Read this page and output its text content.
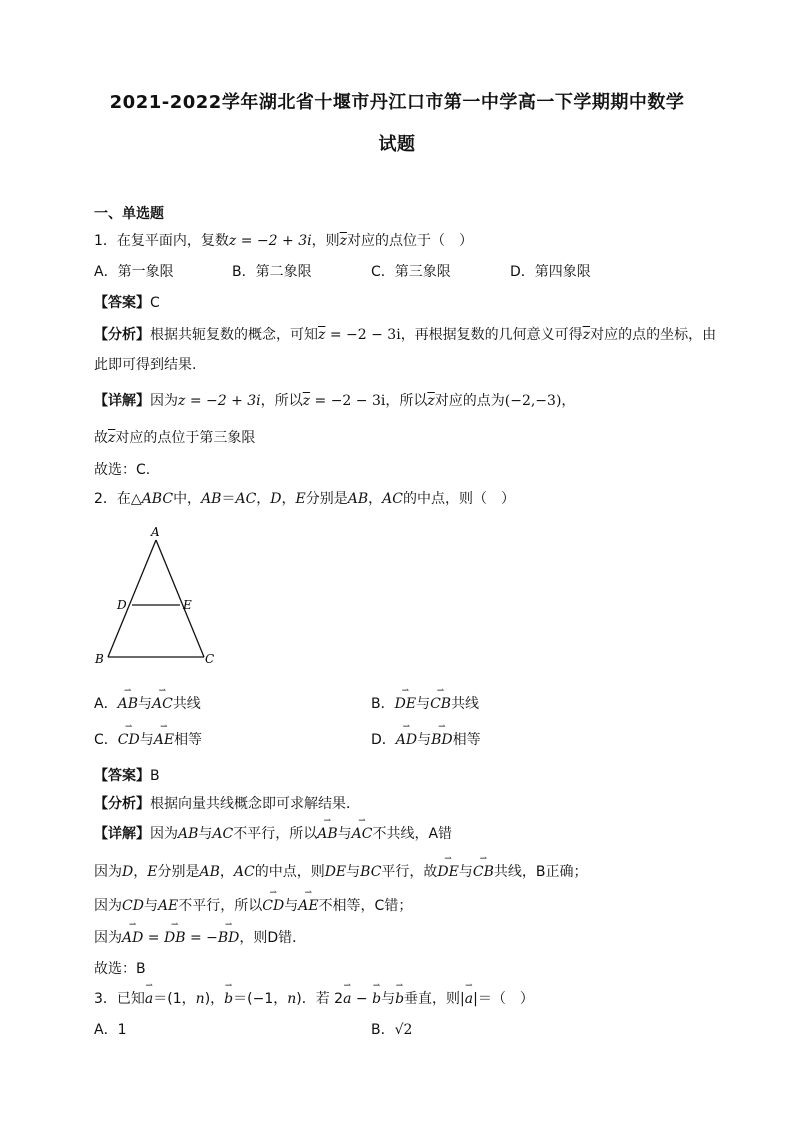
2021-2022学年湖北省十堰市丹江口市第一中学高一下学期期中数学
试题
一、单选题
1．在复平面内，复数z = −2 + 3i，则$\overline{z}$对应的点位于（　）
A．第一象限	B．第二象限	C．第三象限	D．第四象限
【答案】C
【分析】根据共轭复数的概念，可知$\overline{z} = -2 - 3i$，再根据复数的几何意义可得$\overline{z}$对应的点的坐标，由
此即可得到结果.
【详解】因为z = −2 + 3i，所以$\overline{z} = -2 - 3i$，所以$\overline{z}$对应的点为(−2,−3)，
故$\overline{z}$对应的点位于第三象限
故选：C.
2．在△ABC中，AB＝AC，D，E分别是AB，AC的中点，则（　）
A
B	C
D	E
A．⇀ AB与⇀ AC共线	B．⇀ DE与⇀ CB共线
C．⇀ CD与⇀ AE相等	D．⇀ AD与⇀ BD相等
【答案】B
【分析】根据向量共线概念即可求解结果．
【详解】因为AB与AC不平行，所以⇀ AB与⇀ AC不共线，A错
因为D，E分别是AB，AC的中点，则DE与BC平行，故⇀ DE与⇀ CB共线，B正确；
因为CD与AE不平行，所以⇀ CD与⇀ AE不相等，C错；
因为⇀ AD = ⇀ DB = −⇀ BD，则D错．
故选：B
3．已知⇀ a＝(1，n)，⇀ b＝(−1，n)．若 2⇀ a − ⇀ b与⇀ b垂直，则|⇀ a|＝（　）
A．1	B．√2
